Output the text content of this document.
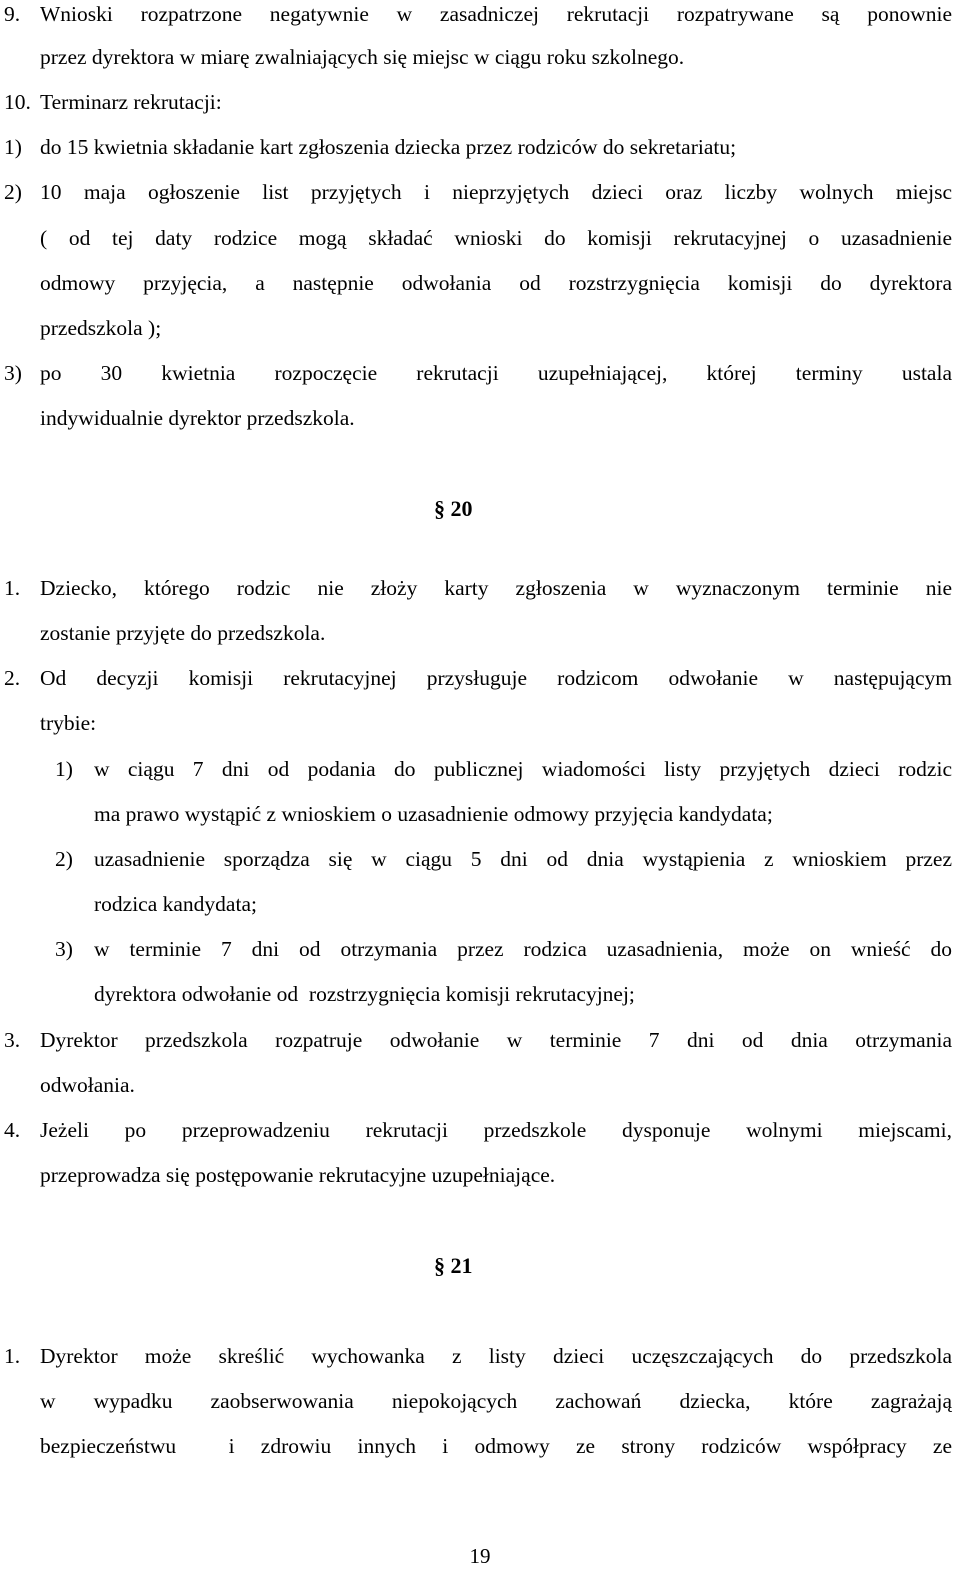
9. Wnioski rozpatrzone negatywnie w zasadniczej rekrutacji rozpatrywane są ponownie
przez dyrektora w miarę zwalniających się miejsc w ciągu roku szkolnego.
10. Terminarz rekrutacji:
1) do 15 kwietnia składanie kart zgłoszenia dziecka przez rodziców do sekretariatu;
2) 10 maja ogłoszenie list przyjętych i nieprzyjętych dzieci oraz liczby wolnych miejsc
( od tej daty rodzice mogą składać wnioski do komisji rekrutacyjnej o uzasadnienie
odmowy przyjęcia, a następnie odwołania od rozstrzygnięcia komisji do dyrektora
przedszkola );
3) po 30 kwietnia rozpoczęcie rekrutacji uzupełniającej, której terminy ustala
indywidualnie dyrektor przedszkola.
§ 20
1. Dziecko, którego rodzic nie złoży karty zgłoszenia w wyznaczonym terminie nie
zostanie przyjęte do przedszkola.
2. Od decyzji komisji rekrutacyjnej przysługuje rodzicom odwołanie w następującym
trybie:
1) w ciągu 7 dni od podania do publicznej wiadomości listy przyjętych dzieci rodzic
ma prawo wystąpić z wnioskiem o uzasadnienie odmowy przyjęcia kandydata;
2) uzasadnienie sporządza się w ciągu 5 dni od dnia wystąpienia z wnioskiem przez
rodzica kandydata;
3) w terminie 7 dni od otrzymania przez rodzica uzasadnienia, może on wnieść do
dyrektora odwołanie od  rozstrzygnięcia komisji rekrutacyjnej;
3. Dyrektor przedszkola rozpatruje odwołanie w terminie 7 dni od dnia otrzymania
odwołania.
4. Jeżeli po przeprowadzeniu rekrutacji przedszkole dysponuje wolnymi miejscami,
przeprowadza się postępowanie rekrutacyjne uzupełniające.
§ 21
1. Dyrektor może skreślić wychowanka z listy dzieci uczęszczających do przedszkola
w wypadku zaobserwowania niepokojących zachowań dziecka, które zagrażają
bezpieczeństwu  i zdrowiu innych i odmowy ze strony rodziców współpracy ze
19
